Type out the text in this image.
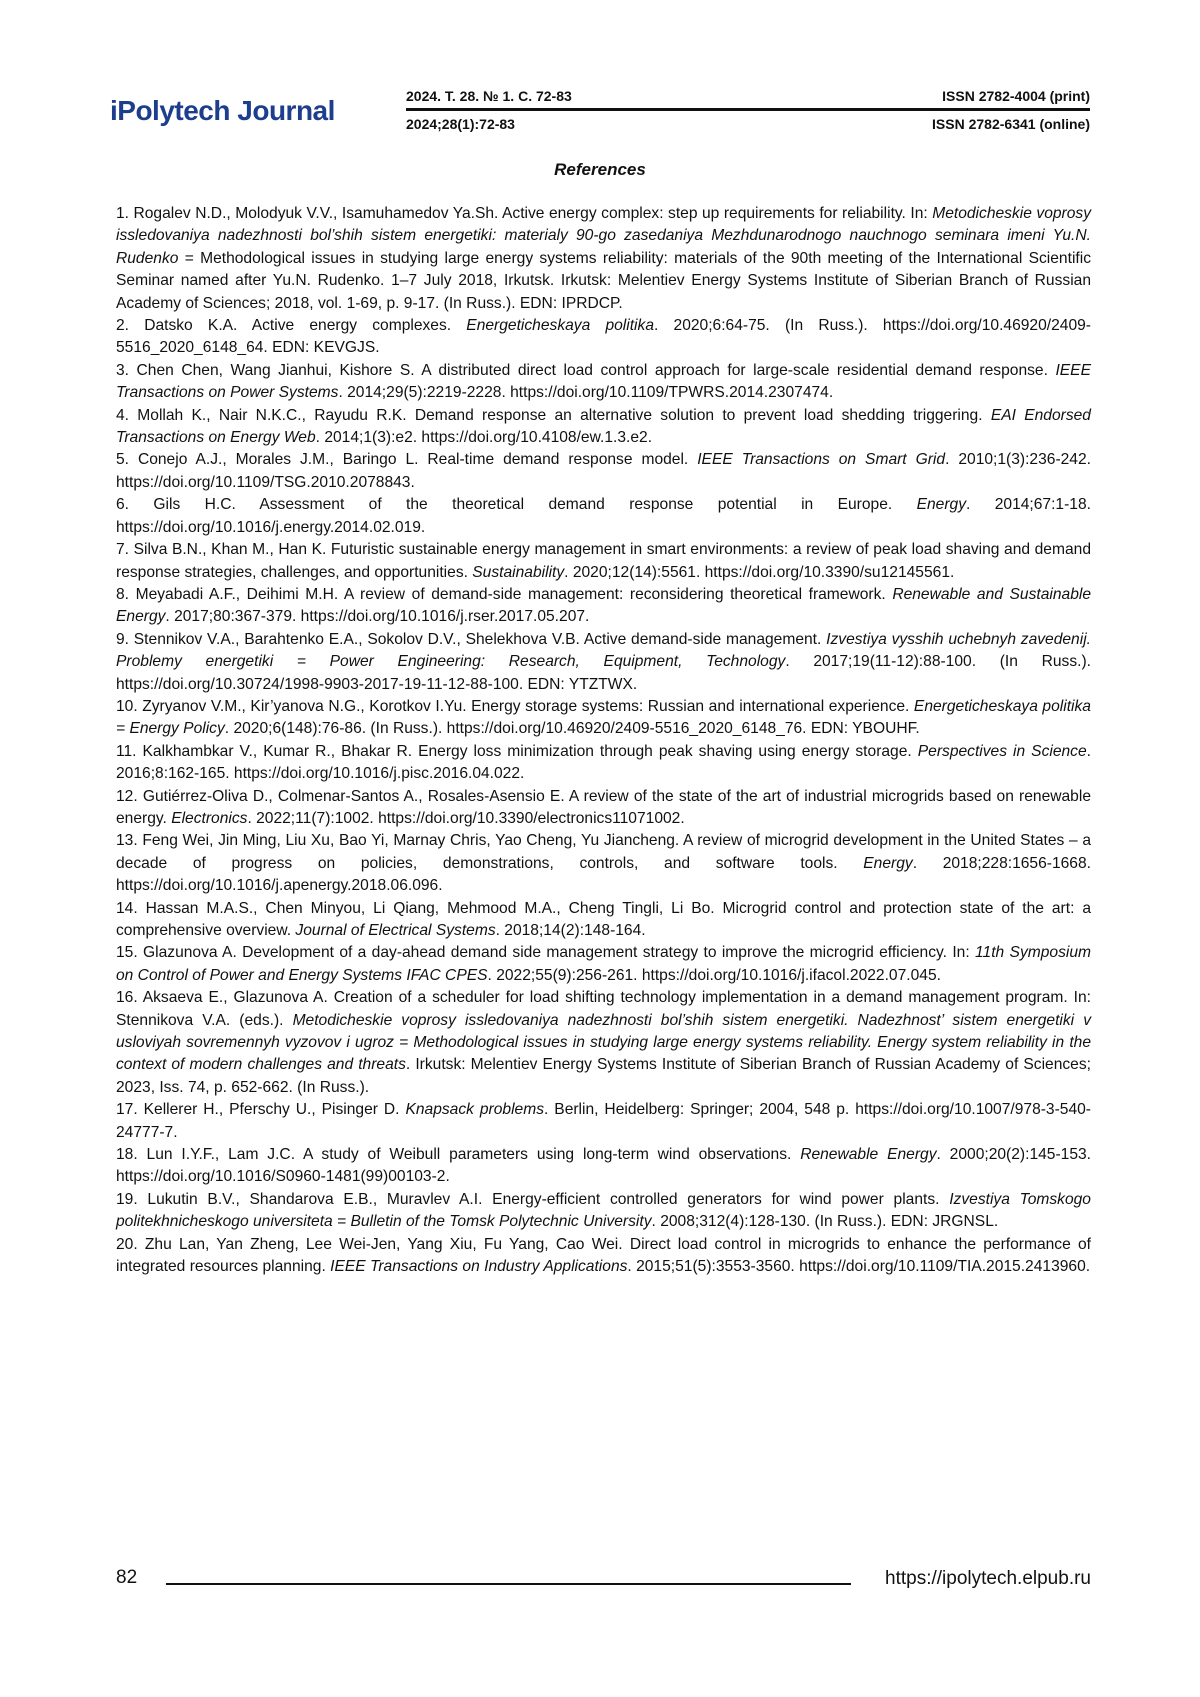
iPolytech Journal	2024. Т. 28. № 1. С. 72-83	ISSN 2782-4004 (print)
2024;28(1):72-83	ISSN 2782-6341 (online)
References

1. Rogalev N.D., Molodyuk V.V., Isamuhamedov Ya.Sh. Active energy complex: step up requirements for reliability. In: Metodicheskie voprosy issledovaniya nadezhnosti bol’shih sistem energetiki: materialy 90-go zasedaniya Mezhdunarodnogo nauchnogo seminara imeni Yu.N. Rudenko = Methodological issues in studying large energy systems reliability: materials of the 90th meeting of the International Scientific Seminar named after Yu.N. Rudenko. 1–7 July 2018, Irkutsk. Irkutsk: Melentiev Energy Systems Institute of Siberian Branch of Russian Academy of Sciences; 2018, vol. 1-69, p. 9-17. (In Russ.). EDN: IPRDCP.

2. Datsko K.A. Active energy complexes. Energeticheskaya politika. 2020;6:64-75. (In Russ.). https://doi.org/10.46920/2409-5516_2020_6148_64. EDN: KEVGJS.

3. Chen Chen, Wang Jianhui, Kishore S. A distributed direct load control approach for large-scale residential demand response. IEEE Transactions on Power Systems. 2014;29(5):2219-2228. https://doi.org/10.1109/TPWRS.2014.2307474.

4. Mollah K., Nair N.K.C., Rayudu R.K. Demand response an alternative solution to prevent load shedding triggering. EAI Endorsed Transactions on Energy Web. 2014;1(3):e2. https://doi.org/10.4108/ew.1.3.e2.

5. Conejo A.J., Morales J.M., Baringo L. Real-time demand response model. IEEE Transactions on Smart Grid. 2010;1(3):236-242. https://doi.org/10.1109/TSG.2010.2078843.

6. Gils H.C. Assessment of the theoretical demand response potential in Europe. Energy. 2014;67:1-18. https://doi.org/10.1016/j.energy.2014.02.019.

7. Silva B.N., Khan M., Han K. Futuristic sustainable energy management in smart environments: a review of peak load shaving and demand response strategies, challenges, and opportunities. Sustainability. 2020;12(14):5561. https://doi.org/10.3390/su12145561.

8. Meyabadi A.F., Deihimi M.H. A review of demand-side management: reconsidering theoretical framework. Renewable and Sustainable Energy. 2017;80:367-379. https://doi.org/10.1016/j.rser.2017.05.207.

9. Stennikov V.A., Barahtenko E.A., Sokolov D.V., Shelekhova V.B. Active demand-side management. Izvestiya vysshih uchebnyh zavedenij. Problemy energetiki = Power Engineering: Research, Equipment, Technology. 2017;19(11-12):88-100. (In Russ.). https://doi.org/10.30724/1998-9903-2017-19-11-12-88-100. EDN: YTZTWX.

10. Zyryanov V.M., Kir’yanova N.G., Korotkov I.Yu. Energy storage systems: Russian and international experience. Energeticheskaya politika = Energy Policy. 2020;6(148):76-86. (In Russ.). https://doi.org/10.46920/2409-5516_2020_6148_76. EDN: YBOUHF.

11. Kalkhambkar V., Kumar R., Bhakar R. Energy loss minimization through peak shaving using energy storage. Perspectives in Science. 2016;8:162-165. https://doi.org/10.1016/j.pisc.2016.04.022.

12. Gutiérrez-Oliva D., Colmenar-Santos A., Rosales-Asensio E. A review of the state of the art of industrial microgrids based on renewable energy. Electronics. 2022;11(7):1002. https://doi.org/10.3390/electronics11071002.

13. Feng Wei, Jin Ming, Liu Xu, Bao Yi, Marnay Chris, Yao Cheng, Yu Jiancheng. A review of microgrid development in the United States – a decade of progress on policies, demonstrations, controls, and software tools. Energy. 2018;228:1656-1668. https://doi.org/10.1016/j.apenergy.2018.06.096.

14. Hassan M.A.S., Chen Minyou, Li Qiang, Mehmood M.A., Cheng Tingli, Li Bo. Microgrid control and protection state of the art: a comprehensive overview. Journal of Electrical Systems. 2018;14(2):148-164.

15. Glazunova A. Development of a day-ahead demand side management strategy to improve the microgrid efficiency. In: 11th Symposium on Control of Power and Energy Systems IFAC CPES. 2022;55(9):256-261. https://doi.org/10.1016/j.ifacol.2022.07.045.

16. Aksaeva E., Glazunova A. Creation of a scheduler for load shifting technology implementation in a demand management program. In: Stennikova V.A. (eds.). Metodicheskie voprosy issledovaniya nadezhnosti bol’shih sistem energetiki. Nadezhnost’ sistem energetiki v usloviyah sovremennyh vyzovov i ugroz = Methodological issues in studying large energy systems reliability. Energy system reliability in the context of modern challenges and threats. Irkutsk: Melentiev Energy Systems Institute of Siberian Branch of Russian Academy of Sciences; 2023, Iss. 74, p. 652-662. (In Russ.).

17. Kellerer H., Pferschy U., Pisinger D. Knapsack problems. Berlin, Heidelberg: Springer; 2004, 548 p. https://doi.org/10.1007/978-3-540-24777-7.

18. Lun I.Y.F., Lam J.C. A study of Weibull parameters using long-term wind observations. Renewable Energy. 2000;20(2):145-153. https://doi.org/10.1016/S0960-1481(99)00103-2.

19. Lukutin B.V., Shandarova E.B., Muravlev A.I. Energy-efficient controlled generators for wind power plants. Izvestiya Tomskogo politekhnicheskogo universiteta = Bulletin of the Tomsk Polytechnic University. 2008;312(4):128-130. (In Russ.). EDN: JRGNSL.

20. Zhu Lan, Yan Zheng, Lee Wei-Jen, Yang Xiu, Fu Yang, Cao Wei. Direct load control in microgrids to enhance the performance of integrated resources planning. IEEE Transactions on Industry Applications. 2015;51(5):3553-3560. https://doi.org/10.1109/TIA.2015.2413960.

82	https://ipolytech.elpub.ru
